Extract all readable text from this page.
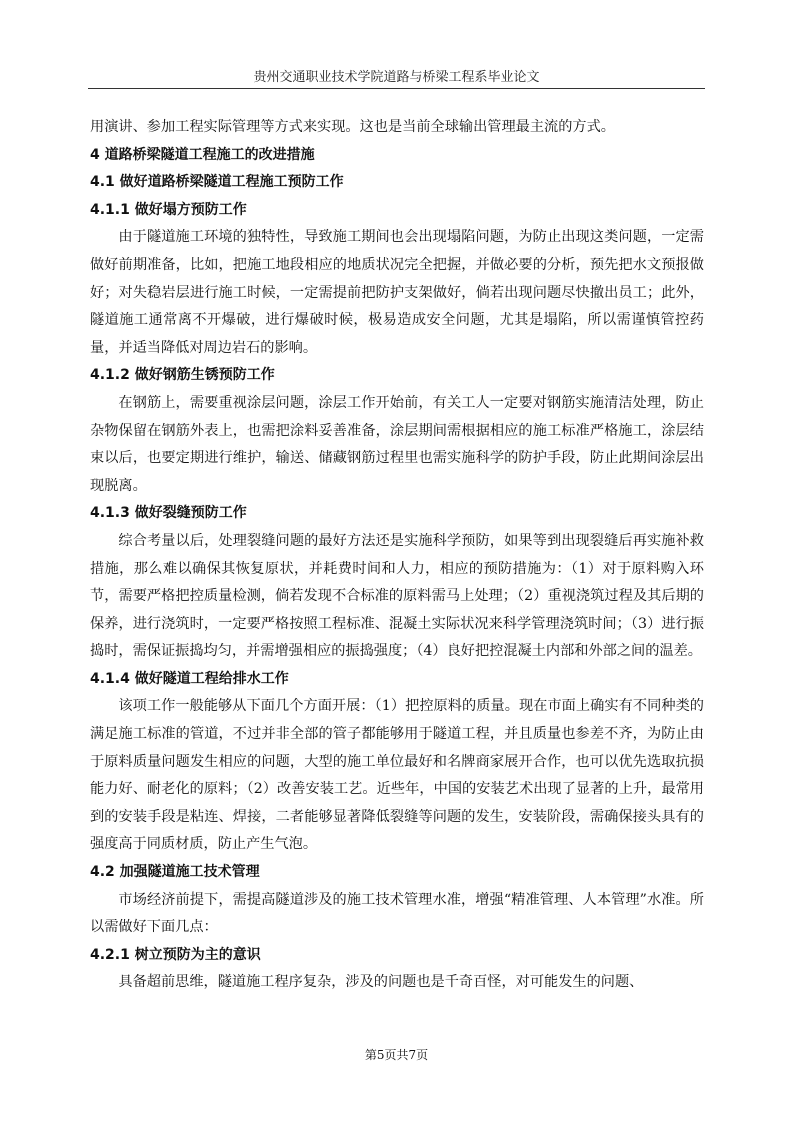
贵州交通职业技术学院道路与桥梁工程系毕业论文

用演讲、参加工程实际管理等方式来实现。这也是当前全球输出管理最主流的方式。

4 道路桥梁隧道工程施工的改进措施

4.1 做好道路桥梁隧道工程施工预防工作

4.1.1 做好塌方预防工作

由于隧道施工环境的独特性，导致施工期间也会出现塌陷问题，为防止出现这类问题，一定需做好前期准备，比如，把施工地段相应的地质状况完全把握，并做必要的分析，预先把水文预报做好；对失稳岩层进行施工时候，一定需提前把防护支架做好，倘若出现问题尽快撤出员工；此外，隧道施工通常离不开爆破，进行爆破时候，极易造成安全问题，尤其是塌陷，所以需谨慎管控药量，并适当降低对周边岩石的影响。

4.1.2 做好钢筋生锈预防工作

在钢筋上，需要重视涂层问题，涂层工作开始前，有关工人一定要对钢筋实施清洁处理，防止杂物保留在钢筋外表上，也需把涂料妥善准备，涂层期间需根据相应的施工标准严格施工，涂层结束以后，也要定期进行维护，输送、储藏钢筋过程里也需实施科学的防护手段，防止此期间涂层出现脱离。

4.1.3 做好裂缝预防工作

综合考量以后，处理裂缝问题的最好方法还是实施科学预防，如果等到出现裂缝后再实施补救措施，那么难以确保其恢复原状，并耗费时间和人力，相应的预防措施为：（1）对于原料购入环节，需要严格把控质量检测，倘若发现不合标准的原料需马上处理；（2）重视浇筑过程及其后期的保养，进行浇筑时，一定要严格按照工程标准、混凝土实际状况来科学管理浇筑时间；（3）进行振捣时，需保证振捣均匀，并需增强相应的振捣强度；（4）良好把控混凝土内部和外部之间的温差。

4.1.4 做好隧道工程给排水工作

该项工作一般能够从下面几个方面开展：（1）把控原料的质量。现在市面上确实有不同种类的满足施工标准的管道，不过并非全部的管子都能够用于隧道工程，并且质量也参差不齐，为防止由于原料质量问题发生相应的问题，大型的施工单位最好和名牌商家展开合作，也可以优先选取抗损能力好、耐老化的原料；（2）改善安装工艺。近些年，中国的安装艺术出现了显著的上升，最常用到的安装手段是粘连、焊接，二者能够显著降低裂缝等问题的发生，安装阶段，需确保接头具有的强度高于同质材质，防止产生气泡。

4.2 加强隧道施工技术管理

市场经济前提下，需提高隧道涉及的施工技术管理水准，增强“精准管理、人本管理”水准。所以需做好下面几点：

4.2.1 树立预防为主的意识

具备超前思维，隧道施工程序复杂，涉及的问题也是千奇百怪，对可能发生的问题、

第5页共7页
